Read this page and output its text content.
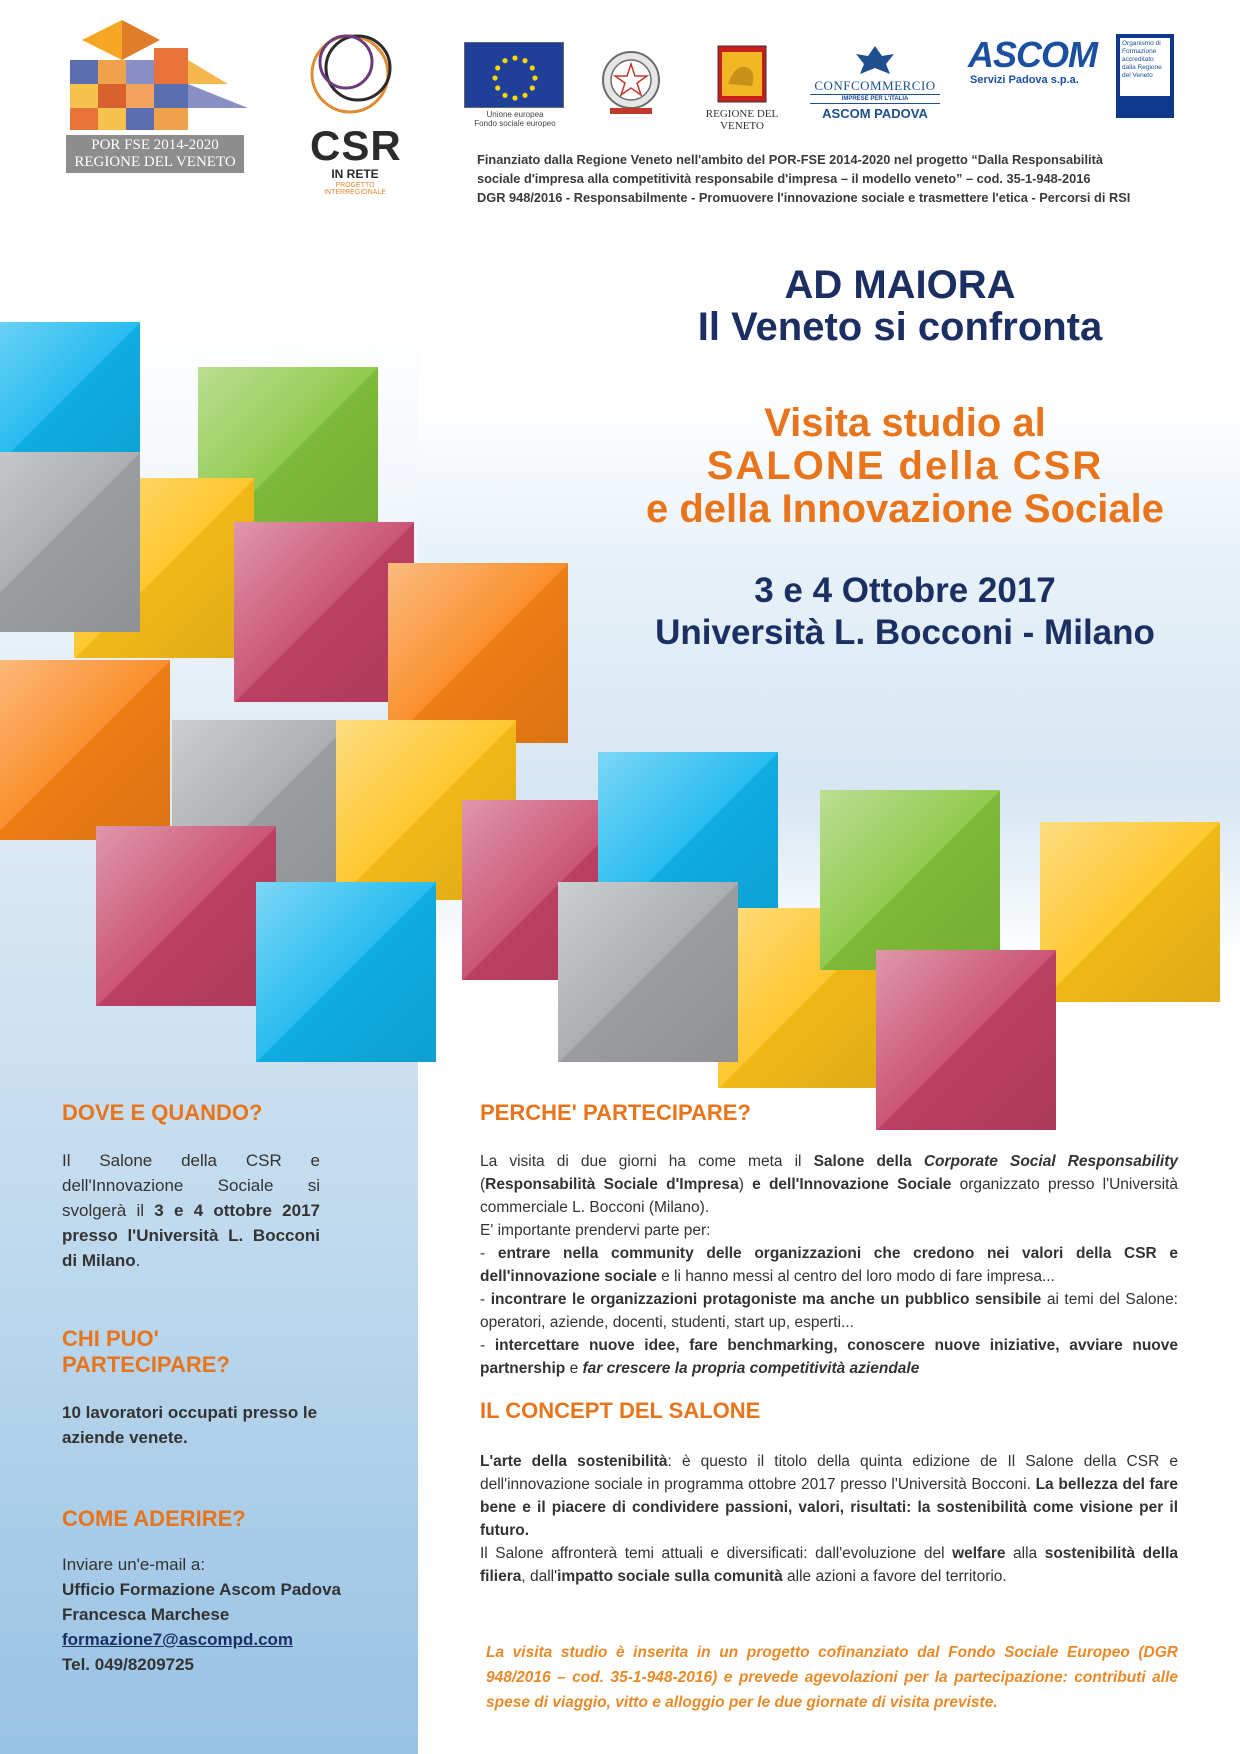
POR FSE 2014-2020
REGIONE DEL VENETO CSR
IN RETE
PROGETTO INTERREGIONALE
Unione europea
Fondo sociale europeo
REGIONE DEL VENETO
CONFCOMMERCIO
IMPRESE PER L'ITALIA
ASCOM PADOVA
ASCOM
Servizi Padova s.p.a.
Organismo di Formazione accreditato dalla Regione del Veneto
Finanziato dalla Regione Veneto nell'ambito del POR-FSE 2014-2020 nel progetto “Dalla Responsabilità
sociale d'impresa alla competitività responsabile d'impresa – il modello veneto” – cod. 35-1-948-2016
DGR 948/2016 - Responsabilmente - Promuovere l'innovazione sociale e trasmettere l'etica - Percorsi di RSI
AD MAIORA
Il Veneto si confronta
Visita studio al
SALONE della CSR
e della Innovazione Sociale
3 e 4 Ottobre 2017
Università L. Bocconi - Milano
DOVE E QUANDO?
Il Salone della CSR e dell'Innovazione Sociale si svolgerà il 3 e 4 ottobre 2017 presso l'Università L. Bocconi di Milano.
CHI PUO'
PARTECIPARE?
10 lavoratori occupati presso le aziende venete.
COME ADERIRE?
Inviare un'e-mail a:
Ufficio Formazione Ascom Padova
Francesca Marchese
formazione7@ascompd.com
Tel. 049/8209725
PERCHE' PARTECIPARE?
La visita di due giorni ha come meta il Salone della Corporate Social Responsability (Responsabilità Sociale d'Impresa) e dell'Innovazione Sociale organizzato presso l'Università commerciale L. Bocconi (Milano).
E' importante prendervi parte per:
- entrare nella community delle organizzazioni che credono nei valori della CSR e dell'innovazione sociale e li hanno messi al centro del loro modo di fare impresa...
- incontrare le organizzazioni protagoniste ma anche un pubblico sensibile ai temi del Salone: operatori, aziende, docenti, studenti, start up, esperti...
- intercettare nuove idee, fare benchmarking, conoscere nuove iniziative, avviare nuove partnership e far crescere la propria competitività aziendale
IL CONCEPT DEL SALONE
L'arte della sostenibilità: è questo il titolo della quinta edizione de Il Salone della CSR e dell'innovazione sociale in programma ottobre 2017 presso l'Università Bocconi. La bellezza del fare bene e il piacere di condividere passioni, valori, risultati: la sostenibilità come visione per il futuro.
Il Salone affronterà temi attuali e diversificati: dall'evoluzione del welfare alla sostenibilità della filiera, dall'impatto sociale sulla comunità alle azioni a favore del territorio.
La visita studio è inserita in un progetto cofinanziato dal Fondo Sociale Europeo (DGR 948/2016 – cod. 35-1-948-2016) e prevede agevolazioni per la partecipazione: contributi alle spese di viaggio, vitto e alloggio per le due giornate di visita previste.
